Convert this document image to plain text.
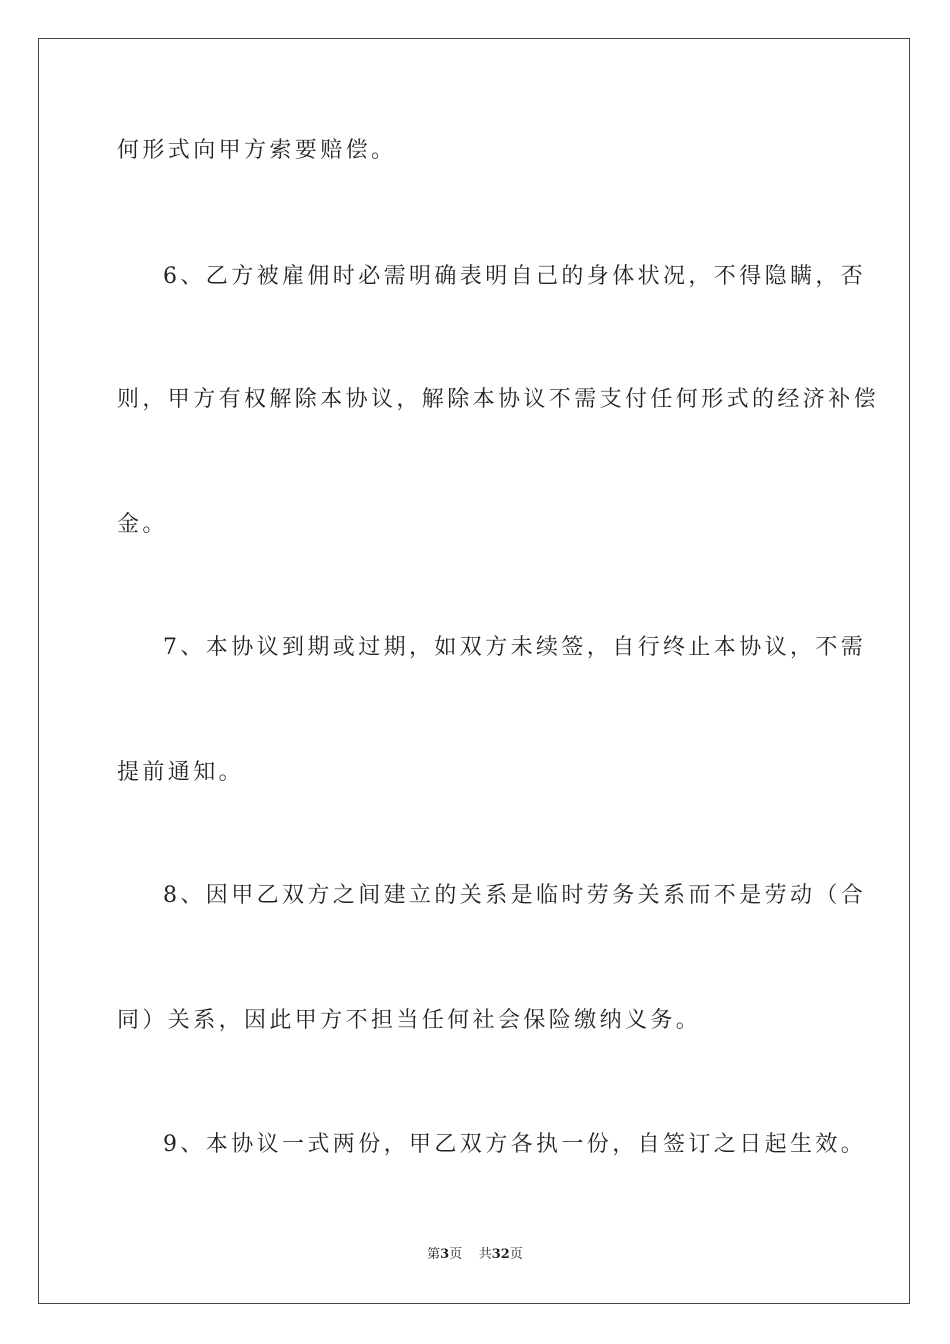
何形式向甲方索要赔偿。
6、乙方被雇佣时必需明确表明自己的身体状况，不得隐瞒，否
则，甲方有权解除本协议，解除本协议不需支付任何形式的经济补偿
金。
7、本协议到期或过期，如双方未续签，自行终止本协议，不需
提前通知。
8、因甲乙双方之间建立的关系是临时劳务关系而不是劳动（合
同）关系，因此甲方不担当任何社会保险缴纳义务。
9、本协议一式两份，甲乙双方各执一份，自签订之日起生效。
第3页 共32页
